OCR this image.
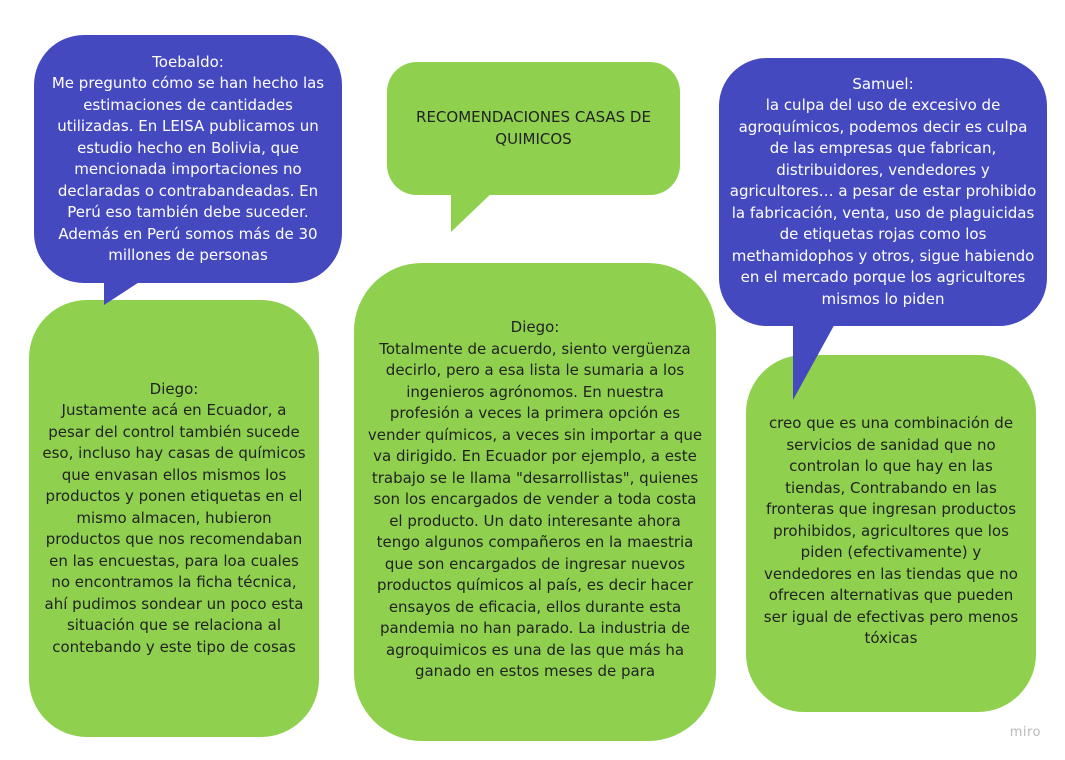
Diego:
Justamente acá en Ecuador, a
pesar del control también sucede
eso, incluso hay casas de químicos
que envasan ellos mismos los
productos y ponen etiquetas en el
mismo almacen, hubieron
productos que nos recomendaban
en las encuestas, para loa cuales
no encontramos la ficha técnica,
ahí pudimos sondear un poco esta
situación que se relaciona al
contebando y este tipo de cosas
Toebaldo:
Me pregunto cómo se han hecho las
estimaciones de cantidades
utilizadas. En LEISA publicamos un
estudio hecho en Bolivia, que
mencionada importaciones no
declaradas o contrabandeadas. En
Perú eso también debe suceder.
Además en Perú somos más de 30
millones de personas
RECOMENDACIONES CASAS DE
QUIMICOS
Diego:
Totalmente de acuerdo, siento vergüenza
decirlo, pero a esa lista le sumaria a los
ingenieros agrónomos. En nuestra
profesión a veces la primera opción es
vender químicos, a veces sin importar a que
va dirigido. En Ecuador por ejemplo, a este
trabajo se le llama "desarrollistas", quienes
son los encargados de vender a toda costa
el producto. Un dato interesante ahora
tengo algunos compañeros en la maestria
que son encargados de ingresar nuevos
productos químicos al país, es decir hacer
ensayos de eficacia, ellos durante esta
pandemia no han parado. La industria de
agroquimicos es una de las que más ha
ganado en estos meses de para
creo que es una combinación de
servicios de sanidad que no
controlan lo que hay en las
tiendas, Contrabando en las
fronteras que ingresan productos
prohibidos, agricultores que los
piden (efectivamente) y
vendedores en las tiendas que no
ofrecen alternativas que pueden
ser igual de efectivas pero menos
tóxicas
Samuel:
la culpa del uso de excesivo de
agroquímicos, podemos decir es culpa
de las empresas que fabrican,
distribuidores, vendedores y
agricultores… a pesar de estar prohibido
la fabricación, venta, uso de plaguicidas
de etiquetas rojas como los
methamidophos y otros, sigue habiendo
en el mercado porque los agricultores
mismos lo piden
miro
